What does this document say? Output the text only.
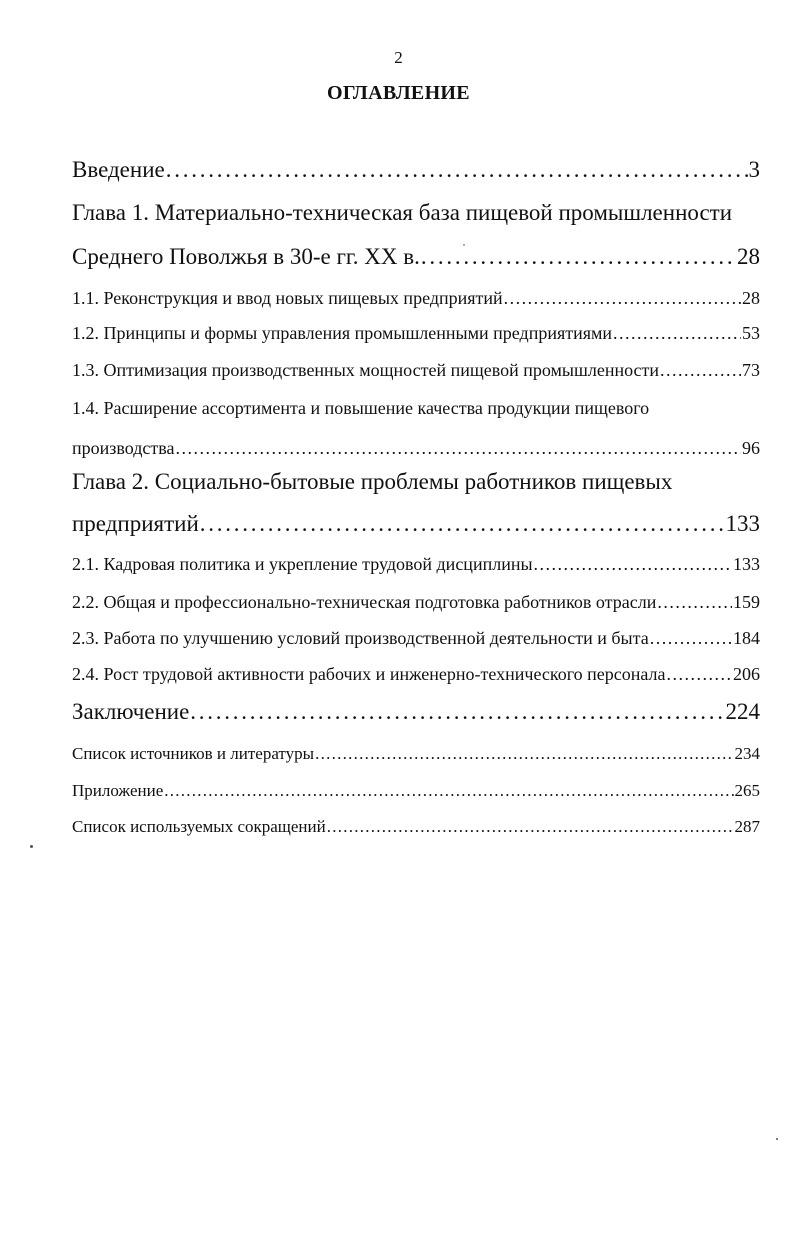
2
ОГЛАВЛЕНИЕ
Введение . . .	3
Глава 1. Материально-техническая база пищевой промышленности
Среднего Поволжья в 30-е гг. XX в. . . .	28
1.1. Реконструкция и ввод новых пищевых предприятий . . .	28
1.2. Принципы и формы управления промышленными предприятиями . . .	53
1.3. Оптимизация производственных мощностей пищевой промышленности . . .	73
1.4. Расширение ассортимента и повышение качества продукции пищевого
производства . . .	96
Глава 2. Социально-бытовые проблемы работников пищевых
предприятий . . .	133
2.1. Кадровая политика и укрепление трудовой дисциплины . . .	133
2.2. Общая и профессионально-техническая подготовка работников отрасли . . .	159
2.3. Работа по улучшению условий производственной деятельности и быта . . .	184
2.4. Рост трудовой активности рабочих и инженерно-технического персонала . . .	206
Заключение . . .	224
Список источников и литературы . . .	234
Приложение . . .	265
Список используемых сокращений . . .	287
